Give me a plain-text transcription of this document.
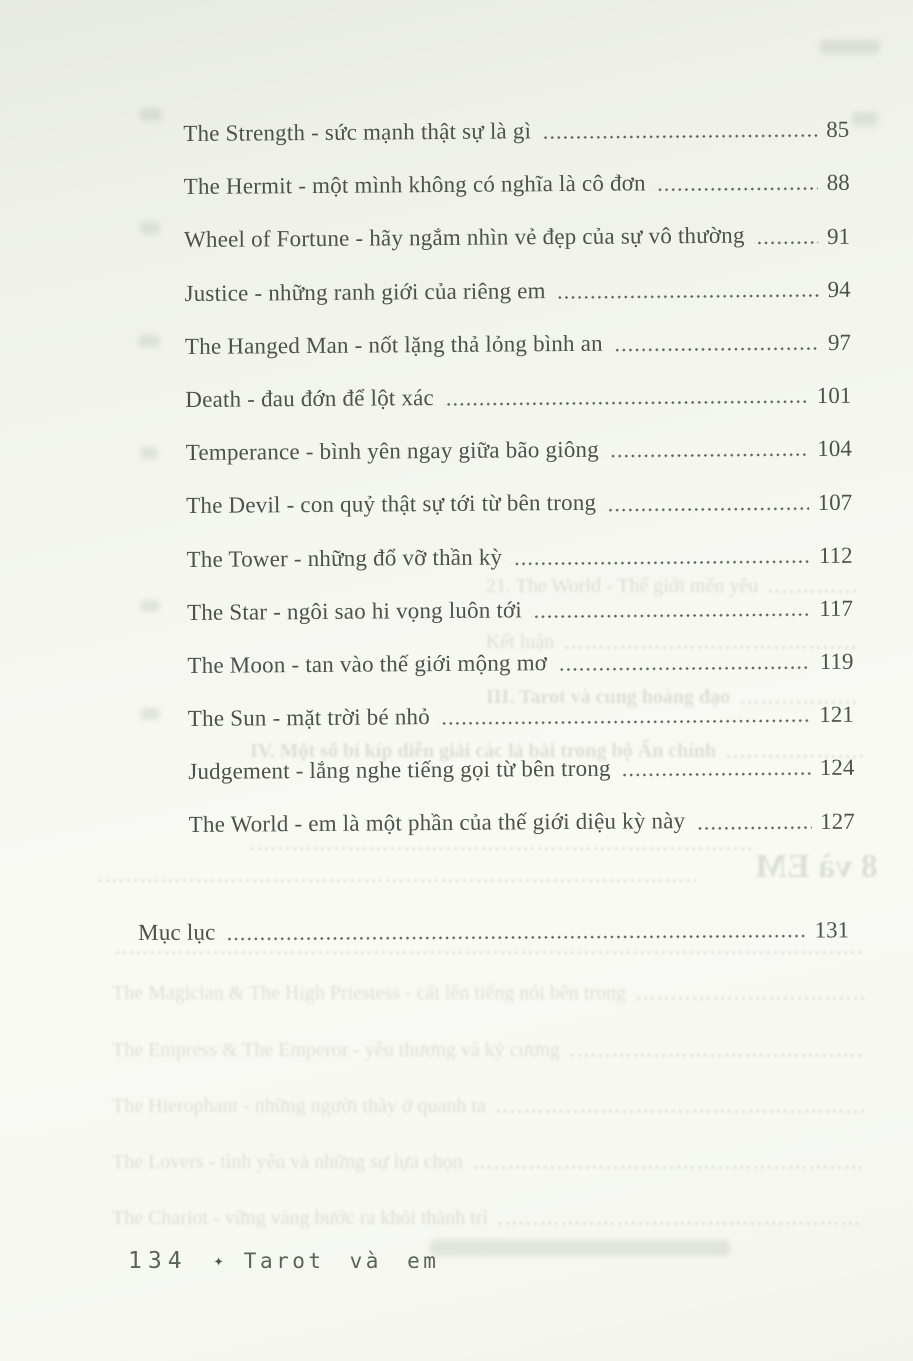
21. The World - Thế giới mến yêu
Kết luận
III. Tarot và cung hoàng đạo
IV. Một số bí kíp diễn giải các lá bài trong bộ Ẩn chính
8 và EM
The Magician & The High Priestess - cất lên tiếng nói bên trong
The Empress & The Emperor - yêu thương và kỷ cương
The Hierophant - những người thầy ở quanh ta
The Lovers - tình yêu và những sự lựa chọn
The Chariot - vững vàng bước ra khỏi thành trì
The Strength - sức mạnh thật sự là gì	85
The Hermit - một mình không có nghĩa là cô đơn	88
Wheel of Fortune - hãy ngắm nhìn vẻ đẹp của sự vô thường	91
Justice - những ranh giới của riêng em	94
The Hanged Man - nốt lặng thả lỏng bình an	97
Death - đau đớn để lột xác	101
Temperance - bình yên ngay giữa bão giông	104
The Devil - con quỷ thật sự tới từ bên trong	107
The Tower - những đổ vỡ thần kỳ	112
The Star - ngôi sao hi vọng luôn tới	117
The Moon - tan vào thế giới mộng mơ	119
The Sun - mặt trời bé nhỏ	121
Judgement - lắng nghe tiếng gọi từ bên trong	124
The World - em là một phần của thế giới diệu kỳ này	127
Mục lục	131
134 ✦ Tarot và em
